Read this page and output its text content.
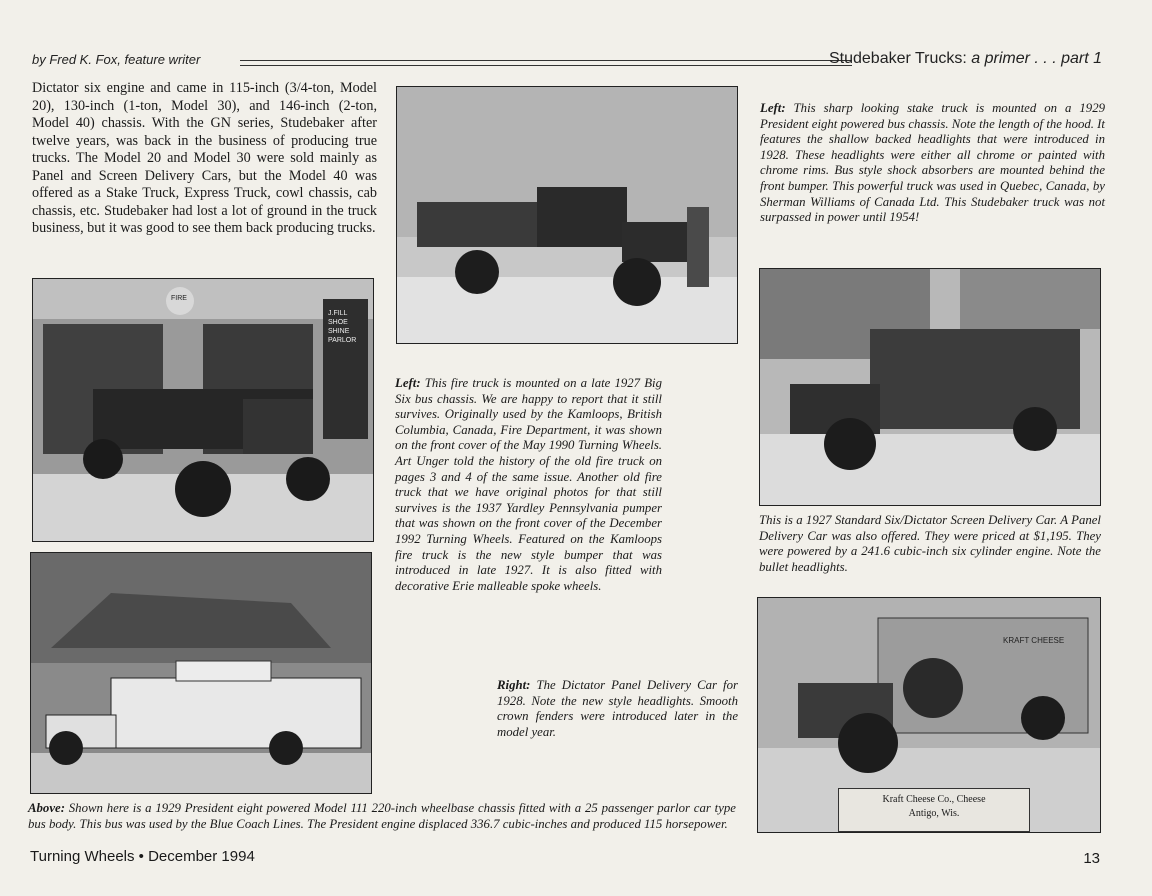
by Fred K. Fox, feature writer	Studebaker Trucks: a primer . . . part 1

Dictator six engine and came in 115-inch (3/4-ton, Model 20), 130-inch (1-ton, Model 30), and 146-inch (2-ton, Model 40) chassis. With the GN series, Studebaker after twelve years, was back in the business of producing true trucks. The Model 20 and Model 30 were sold mainly as Panel and Screen Delivery Cars, but the Model 40 was offered as a Stake Truck, Express Truck, cowl chassis, cab chassis, etc. Studebaker had lost a lot of ground in the truck business, but it was good to see them back producing trucks.

FIRE
J.FILL SHOE SHINE PARLOR
KRAFT CHEESE
Kraft Cheese Co., Cheese
Antigo, Wis.

Left: This sharp looking stake truck is mounted on a 1929 President eight powered bus chassis. Note the length of the hood. It features the shallow backed headlights that were introduced in 1928. These headlights were either all chrome or painted with chrome rims. Bus style shock absorbers are mounted behind the front bumper. This powerful truck was used in Quebec, Canada, by Sherman Williams of Canada Ltd. This Studebaker truck was not surpassed in power until 1954!

Left: This fire truck is mounted on a late 1927 Big Six bus chassis. We are happy to report that it still survives. Originally used by the Kamloops, British Columbia, Canada, Fire Department, it was shown on the front cover of the May 1990 Turning Wheels. Art Unger told the history of the old fire truck on pages 3 and 4 of the same issue. Another old fire truck that we have original photos for that still survives is the 1937 Yardley Pennsylvania pumper that was shown on the front cover of the December 1992 Turning Wheels. Featured on the Kamloops fire truck is the new style bumper that was introduced in late 1927. It is also fitted with decorative Erie malleable spoke wheels.

This is a 1927 Standard Six/Dictator Screen Delivery Car. A Panel Delivery Car was also offered. They were priced at $1,195. They were powered by a 241.6 cubic-inch six cylinder engine. Note the bullet headlights.

Right: The Dictator Panel Delivery Car for 1928. Note the new style headlights. Smooth crown fenders were introduced later in the model year.

Above: Shown here is a 1929 President eight powered Model 111 220-inch wheelbase chassis fitted with a 25 passenger parlor car type bus body. This bus was used by the Blue Coach Lines. The President engine displaced 336.7 cubic-inches and produced 115 horsepower.

Turning Wheels • December 1994	13
